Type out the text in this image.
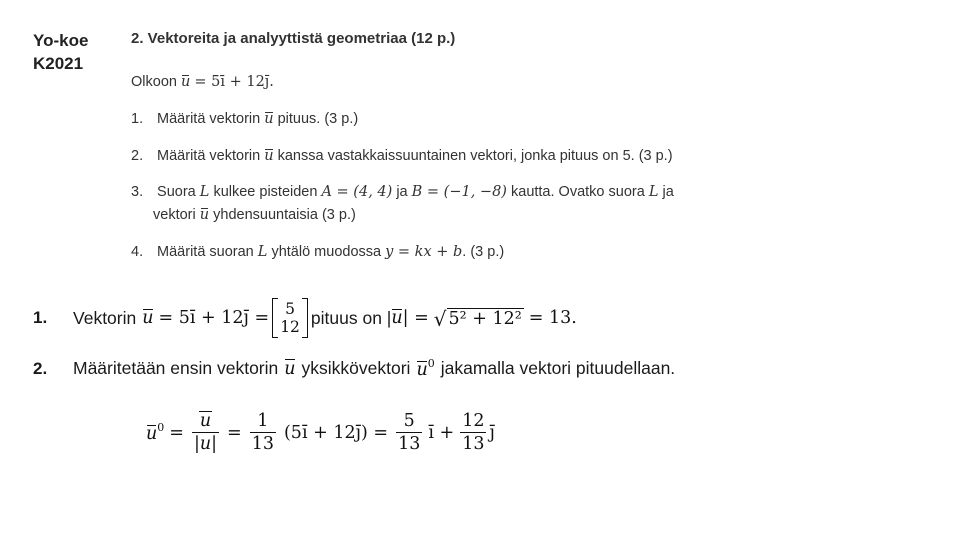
Yo-koe
K2021
2. Vektoreita ja analyyttistä geometriaa (12 p.)
Olkoon u = 5ī + 12j̄.
1. Määritä vektorin u pituus. (3 p.)
2. Määritä vektorin u kanssa vastakkaissuuntainen vektori, jonka pituus on 5. (3 p.)
3. Suora L kulkee pisteiden A = (4, 4) ja B = (−1, −8) kautta. Ovatko suora L ja
vektori u yhdensuuntaisia (3 p.)
4. Määritä suoran L yhtälö muodossa y = kx + b. (3 p.)
1.	Vektorin u = 5ı̄ + 12ȷ̄ = 5
12 pituus on | u | = √ 5² + 12² = 13.
2.	Määritetään ensin vektorin u yksikkövektori $u^0$ jakamalla vektori pituudellaan.
$u^0 = \frac{u}{|u|} = \frac{1}{13}$ (5ı̄ + 12ȷ̄) = $\frac{5}{13}$ ı̄ + $\frac{12}{13}$ ȷ̄
